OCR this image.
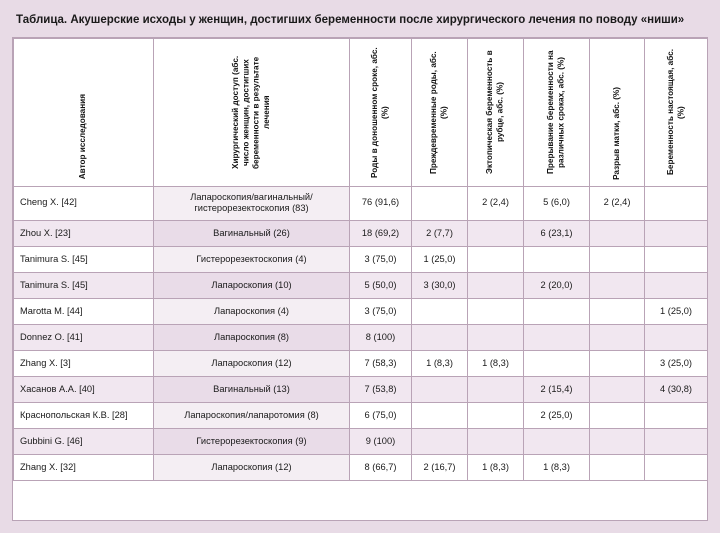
Таблица. Акушерские исходы у женщин, достигших беременности после хирургического лечения по поводу «ниши»
Автор исследования	Хирургический доступ (абс. число женщин, достигших беременности в результате лечения	Роды в доношенном сроке, абс. (%)	Преждевременные роды, абс. (%)	Эктопическая беременность в рубце, абс. (%)	Прерывание беременности на различных сроках, абс. (%)	Разрыв матки, абс. (%)	Беременность настоящая, абс. (%)

Cheng X. [42]	Лапароскопия/вагинальный/гистерорезектоскопия (83)	76 (91,6)		2 (2,4)	5 (6,0)	2 (2,4)	
Zhou X. [23]	Вагинальный (26)	18 (69,2)	2 (7,7)		6 (23,1)		
Tanimura S. [45]	Гистерорезектоскопия (4)	3 (75,0)	1 (25,0)				
Tanimura S. [45]	Лапароскопия (10)	5 (50,0)	3 (30,0)		2 (20,0)		
Marotta M. [44]	Лапароскопия (4)	3 (75,0)					1 (25,0)
Donnez O. [41]	Лапароскопия (8)	8 (100)					
Zhang X. [3]	Лапароскопия (12)	7 (58,3)	1 (8,3)	1 (8,3)			3 (25,0)
Хасанов А.А. [40]	Вагинальный (13)	7 (53,8)			2 (15,4)		4 (30,8)
Краснопольская К.В. [28]	Лапароскопия/лапаротомия (8)	6 (75,0)			2 (25,0)		
Gubbini G. [46]	Гистерорезектоскопия (9)	9 (100)					
Zhang X. [32]	Лапароскопия (12)	8 (66,7)	2 (16,7)	1 (8,3)	1 (8,3)		
